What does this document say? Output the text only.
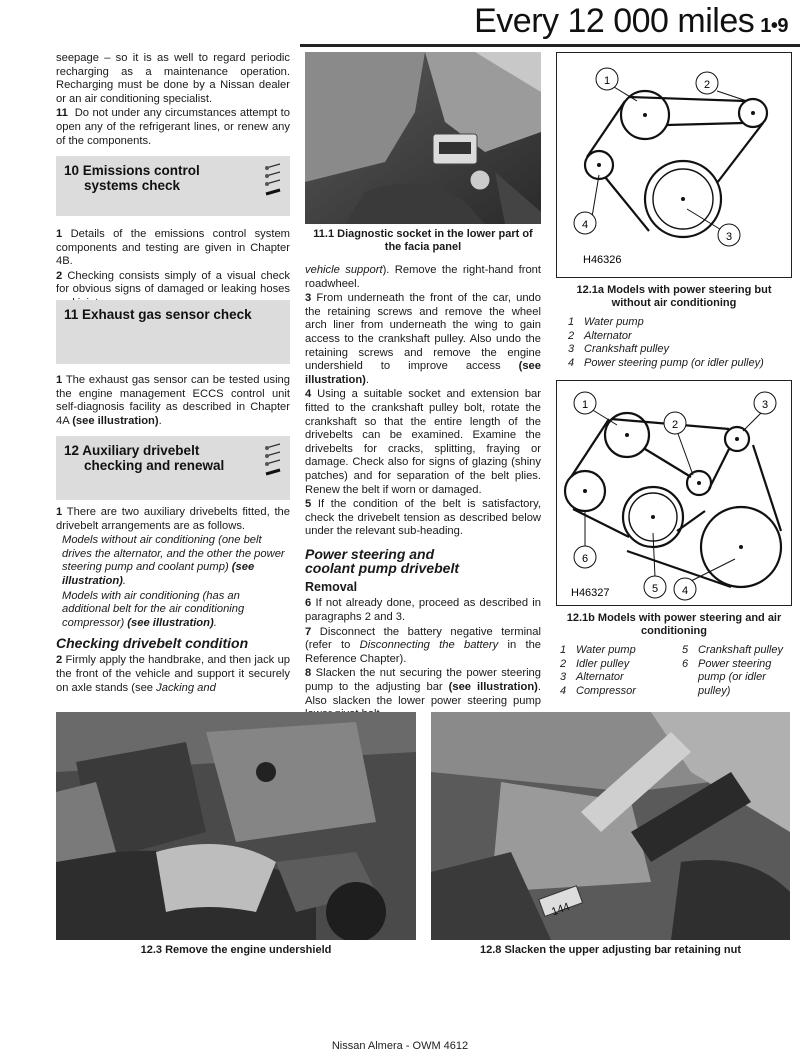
Every 12 000 miles 1•9

seepage – so it is as well to regard periodic recharging as a maintenance operation. Recharging must be done by a Nissan dealer or an air conditioning specialist.

11 Do not under any circumstances attempt to open any of the refrigerant lines, or renew any of the components.

10 Emissions control
systems check

1 Details of the emissions control system components and testing are given in Chapter 4B.

2 Checking consists simply of a visual check for obvious signs of damaged or leaking hoses

11 Exhaust gas sensor check

1 The exhaust gas sensor can be tested using the engine management ECCS control unit self-diagnosis facility as described in Chapter 4A (see illustration).

12 Auxiliary drivebelt
checking and renewal

1 There are two auxiliary drivebelts fitted, the drivebelt arrangements are as follows.

Models without air conditioning (one belt drives the alternator, and the other the power steering pump and coolant pump) (see illustration).

Models with air conditioning (has an additional belt for the air conditioning compressor) (see illustration).

Checking drivebelt condition

2 Firmly apply the handbrake, and then jack up the front of the vehicle and support it securely on axle stands (see Jacking and

11.1 Diagnostic socket in the lower part of the facia panel

vehicle support). Remove the right-hand front roadwheel.

3 From underneath the front of the car, undo the retaining screws and remove the wheel arch liner from underneath the wing to gain access to the crankshaft pulley. Also undo the retaining screws and remove the engine undershield to improve access (see illustration).

4 Using a suitable socket and extension bar fitted to the crankshaft pulley bolt, rotate the crankshaft so that the entire length of the drivebelts can be examined. Examine the drivebelts for cracks, splitting, fraying or damage. Check also for signs of glazing (shiny patches) and for separation of the belt plies. Renew the belt if worn or damaged.

5 If the condition of the belt is satisfactory, check the drivebelt tension as described below under the relevant sub-heading.

Power steering and
coolant pump drivebelt
Removal

6 If not already done, proceed as described in paragraphs 2 and 3.

7 Disconnect the battery negative terminal (refer to Disconnecting the battery in the Reference Chapter).

8 Slacken the nut securing the power steering pump to the adjusting bar (see illustration). Also slacken the lower power steering pump

1	2
3
4
H46326
12.1a Models with power steering but without air conditioning
1 Water pump
2 Alternator
3 Crankshaft pulley
4 Power steering pump (or idler pulley)
1
2
3
4
5
6
H46327
12.1b Models with power steering and air conditioning
1 Water pump
2 Idler pulley
3 Alternator
4 Compressor
5 Crankshaft pulley
6 Power steering pump (or idler pulley)
12.3 Remove the engine undershield
144
12.8 Slacken the upper adjusting bar retaining nut
Nissan Almera - OWM 4612
